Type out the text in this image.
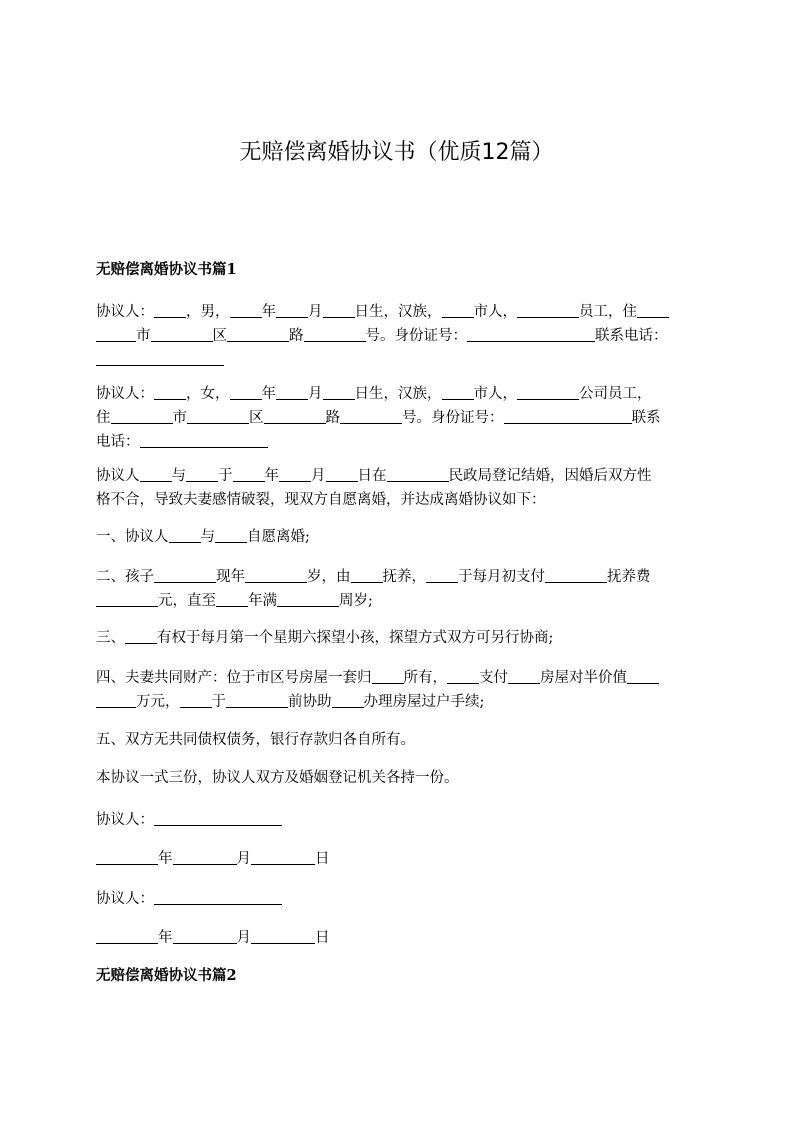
无赔偿离婚协议书（优质12篇）
无赔偿离婚协议书篇1
协议人： ，男， 年 月 日生，汉族， 市人，	员工，住
市	区	路	号。身份证号：	联系电话：
协议人： ，女， 年 月 日生，汉族， 市人，	公司员工，
住	市	区	路	号。身份证号：	联系
电话：
协议人 与 于 年 月 日在	民政局登记结婚，因婚后双方性
格不合，导致夫妻感情破裂，现双方自愿离婚，并达成离婚协议如下：
一、协议人 与 自愿离婚;
二、孩子	现年	岁，由 抚养， 于每月初支付	抚养费
元，直至 年满	周岁;
三、 有权于每月第一个星期六探望小孩，探望方式双方可另行协商;
四、夫妻共同财产：位于市区号房屋一套归 所有， 支付 房屋对半价值
万元， 于	前协助 办理房屋过户手续;
五、双方无共同债权债务，银行存款归各自所有。
本协议一式三份，协议人双方及婚姻登记机关各持一份。
协议人：
年	月	日
协议人：
年	月	日
无赔偿离婚协议书篇2
